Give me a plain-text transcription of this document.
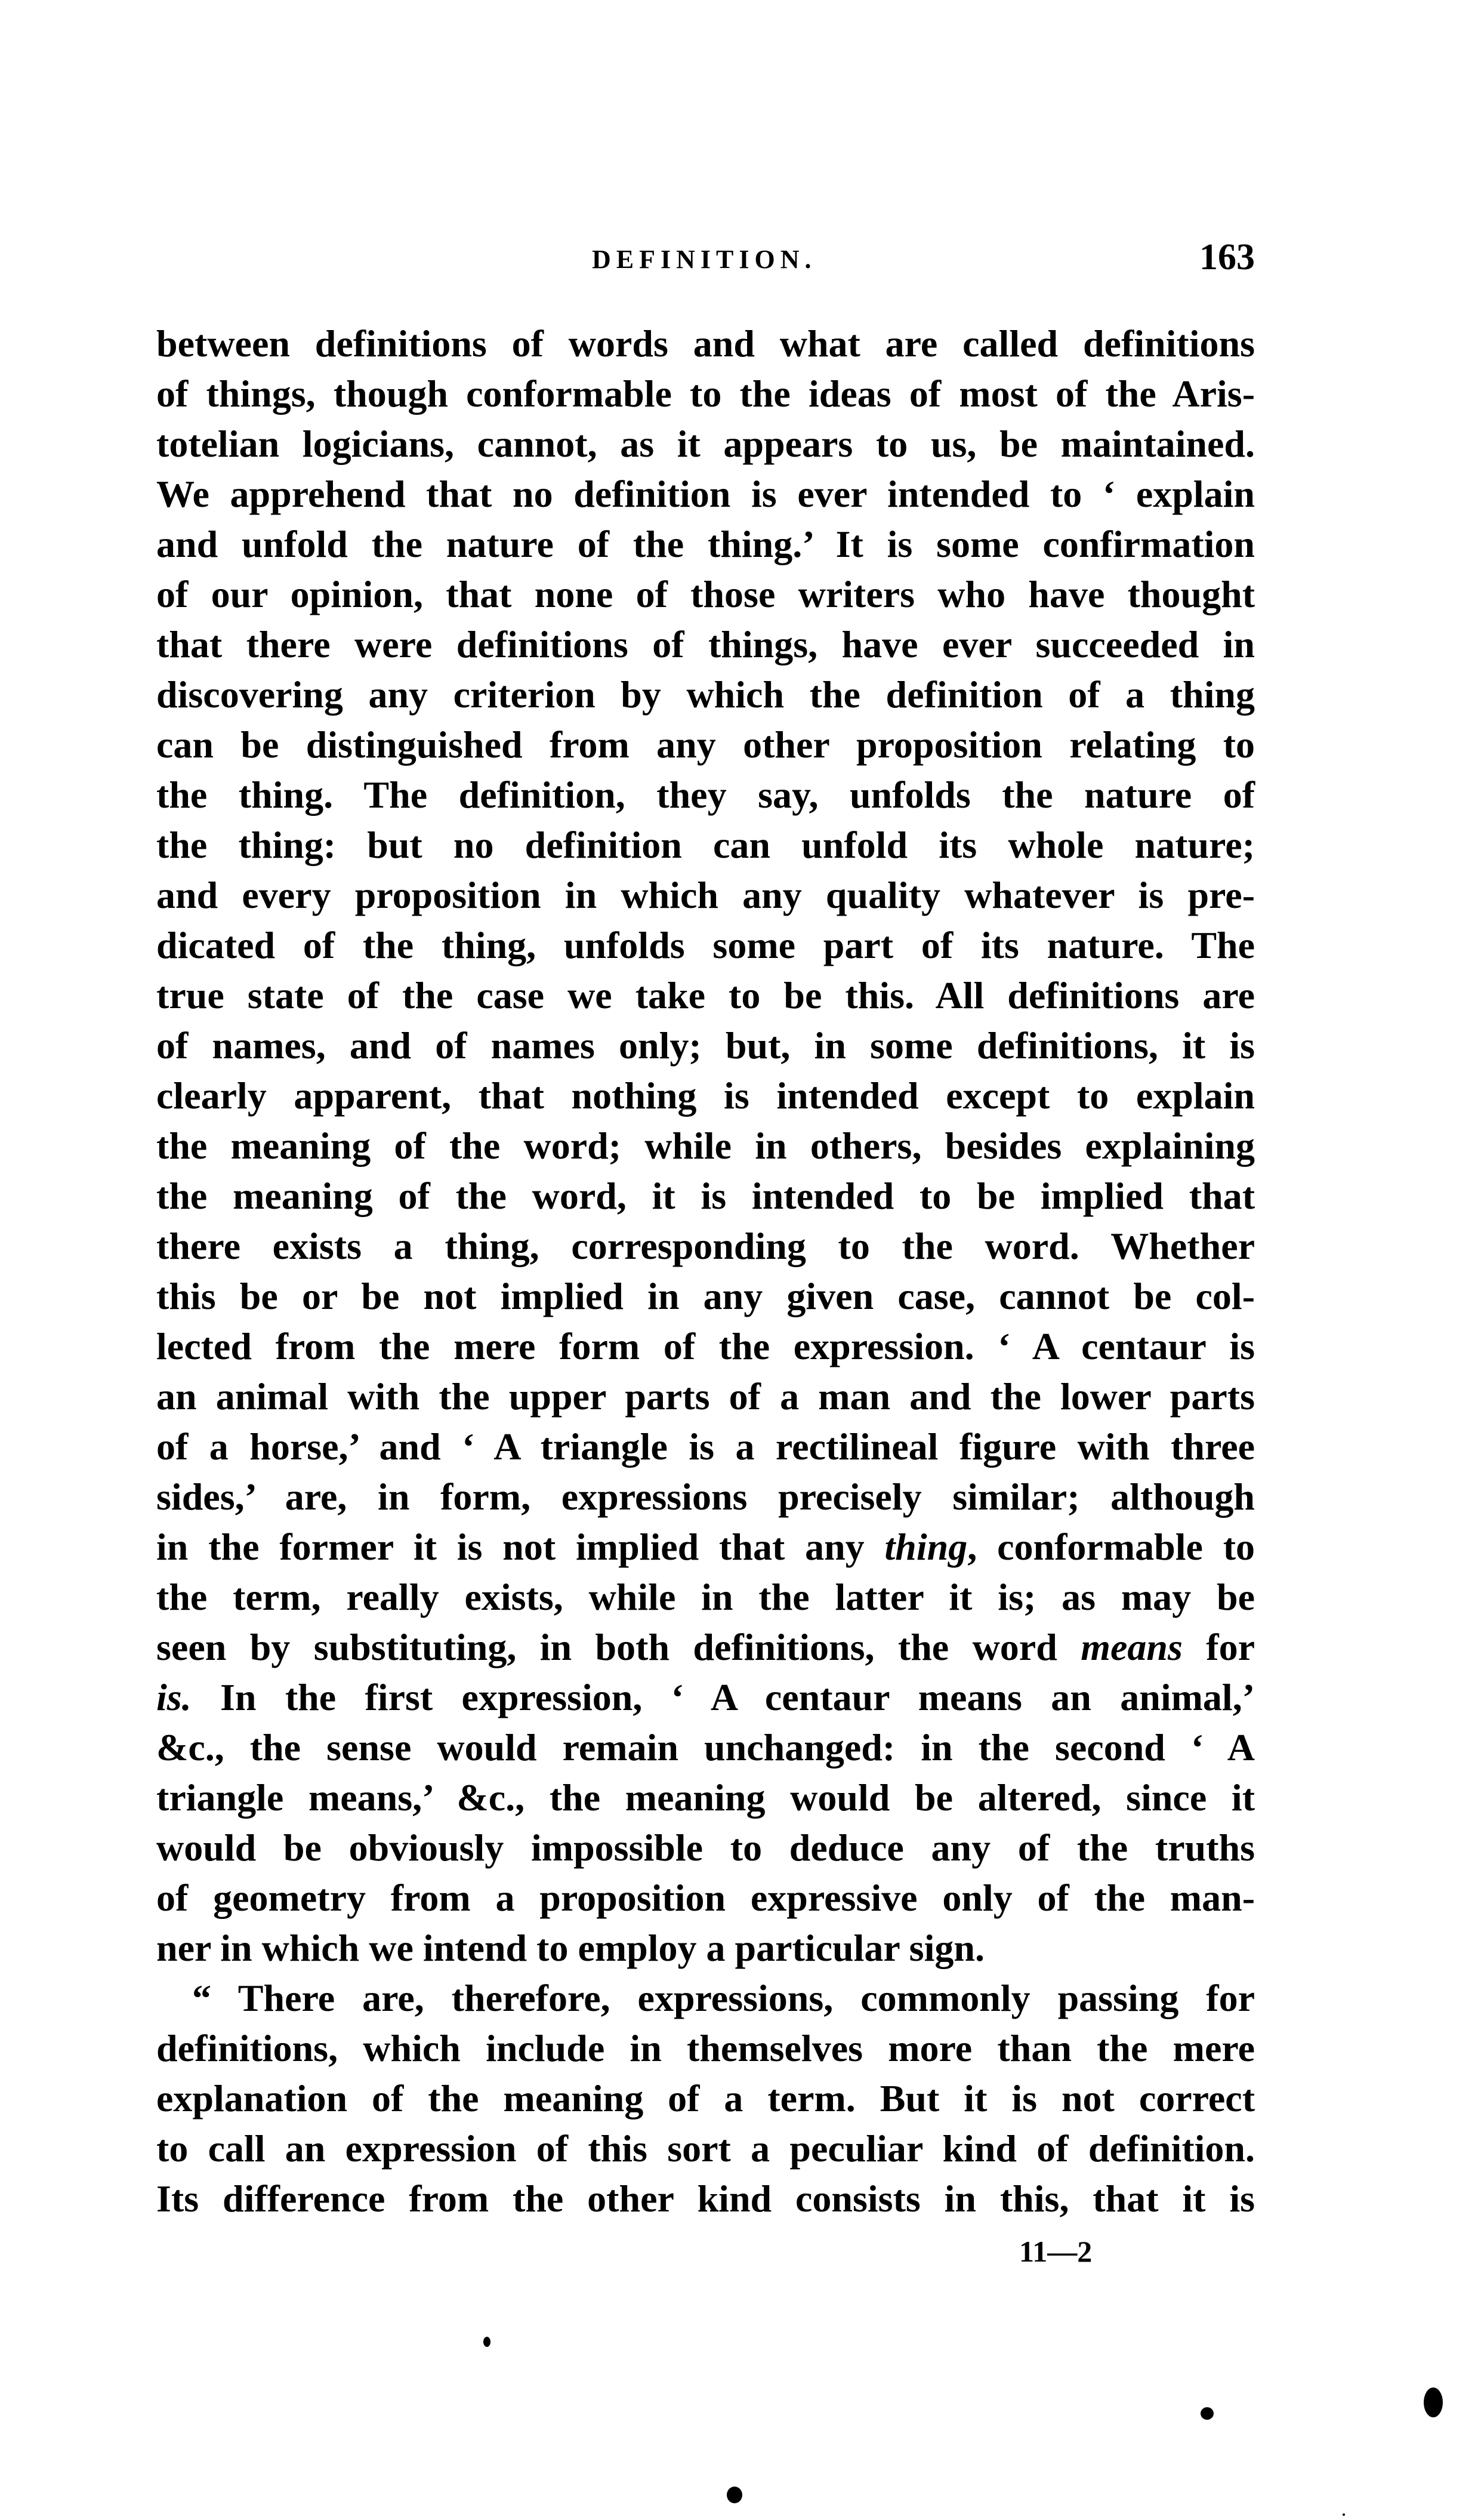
DEFINITION.	163
between definitions of words and what are called definitions
of things, though conformable to the ideas of most of the Aris-
totelian logicians, cannot, as it appears to us, be maintained.
We apprehend that no definition is ever intended to ‘ explain
and unfold the nature of the thing.’ It is some confirmation
of our opinion, that none of those writers who have thought
that there were definitions of things, have ever succeeded in
discovering any criterion by which the definition of a thing
can be distinguished from any other proposition relating to
the thing. The definition, they say, unfolds the nature of
the thing: but no definition can unfold its whole nature;
and every proposition in which any quality whatever is pre-
dicated of the thing, unfolds some part of its nature. The
true state of the case we take to be this. All definitions are
of names, and of names only; but, in some definitions, it is
clearly apparent, that nothing is intended except to explain
the meaning of the word; while in others, besides explaining
the meaning of the word, it is intended to be implied that
there exists a thing, corresponding to the word. Whether
this be or be not implied in any given case, cannot be col-
lected from the mere form of the expression. ‘ A centaur is
an animal with the upper parts of a man and the lower parts
of a horse,’ and ‘ A triangle is a rectilineal figure with three
sides,’ are, in form, expressions precisely similar; although
in the former it is not implied that any thing, conformable to
the term, really exists, while in the latter it is; as may be
seen by substituting, in both definitions, the word means for
is. In the first expression, ‘ A centaur means an animal,’
&c., the sense would remain unchanged: in the second ‘ A
triangle means,’ &c., the meaning would be altered, since it
would be obviously impossible to deduce any of the truths
of geometry from a proposition expressive only of the man-
ner in which we intend to employ a particular sign.
“ There are, therefore, expressions, commonly passing for
definitions, which include in themselves more than the mere
explanation of the meaning of a term. But it is not correct
to call an expression of this sort a peculiar kind of definition.
Its difference from the other kind consists in this, that it is
11—2
